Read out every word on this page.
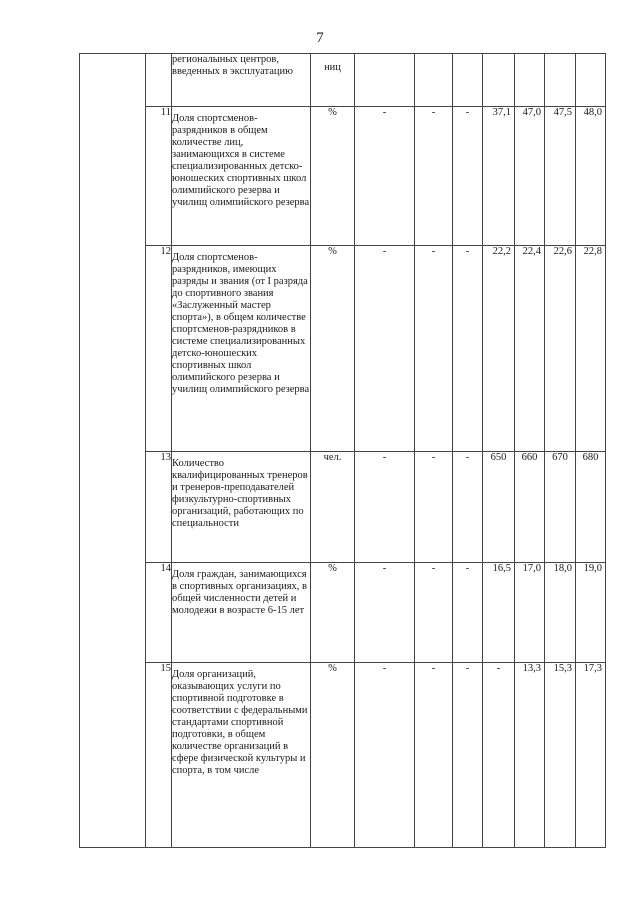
7
		регионалыных центров, введенных в эксплуатацию	ниц							
	11	Доля спортсменов-разрядников в общем количестве лиц, занимающихся в системе специализированных детско-юношеских спортивных школ олимпийского резерва и училищ олимпийского резерва	%	-	-	-	37,1	47,0	47,5	48,0
	12	Доля спортсменов-разрядников, имеющих разряды и звания (от I разряда до спортивного звания «Заслуженный мастер спорта»), в общем количестве спортсменов-разрядников в системе специализированных детско-юношеских спортивных школ олимпийского резерва и училищ олимпийского резерва	%	-	-	-	22,2	22,4	22,6	22,8
	13	Количество квалифицированных тренеров и тренеров-преподавателей физкультурно-спортивных организаций, работающих по специальности	чел.	-	-	-	650	660	670	680
	14	Доля граждан, занимающихся в спортивных организациях, в общей численности детей и молодежи в возрасте 6-15 лет	%	-	-	-	16,5	17,0	18,0	19,0
	15	Доля организаций, оказывающих услуги по спортивной подготовке в соответствии с федеральными стандартами спортивной подготовки, в общем количестве организаций в сфере физической культуры и спорта, в том числе	%	-	-	-	-	13,3	15,3	17,3
